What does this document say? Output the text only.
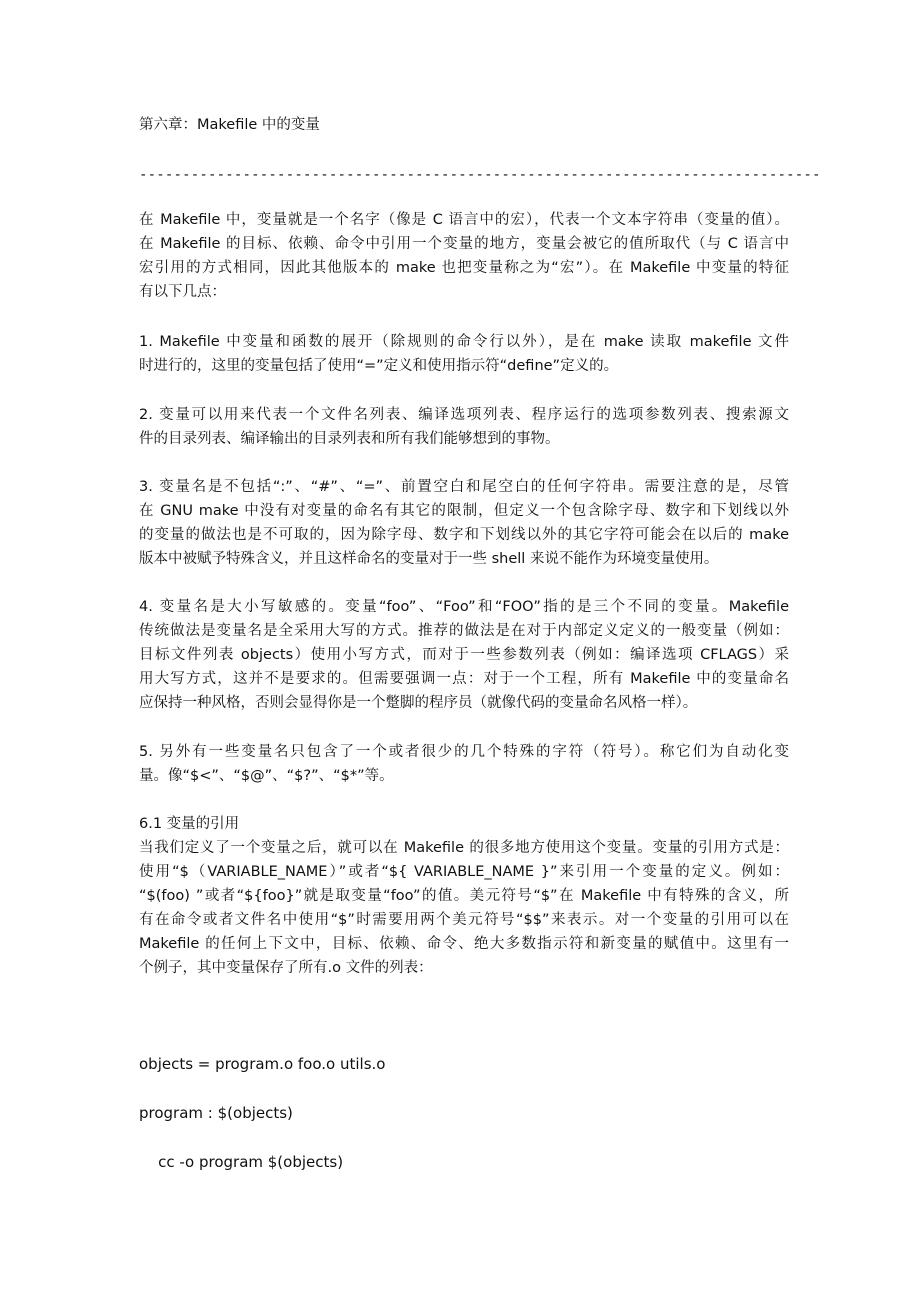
第六章：Makefile 中的变量
-------------------------------------------------------------------------------
在 Makefile 中，变量就是一个名字（像是 C 语言中的宏），代表一个文本字符串（变量的值）。
在 Makefile 的目标、依赖、命令中引用一个变量的地方，变量会被它的值所取代（与 C 语言中
宏引用的方式相同，因此其他版本的 make 也把变量称之为“宏”）。在 Makefile 中变量的特征
有以下几点：
1. Makefile 中变量和函数的展开（除规则的命令行以外），是在 make 读取 makefile 文件
时进行的，这里的变量包括了使用“=”定义和使用指示符“define”定义的。
2. 变量可以用来代表一个文件名列表、编译选项列表、程序运行的选项参数列表、搜索源文
件的目录列表、编译输出的目录列表和所有我们能够想到的事物。
3. 变量名是不包括“:”、“#”、“=”、前置空白和尾空白的任何字符串。需要注意的是，尽管
在 GNU make 中没有对变量的命名有其它的限制，但定义一个包含除字母、数字和下划线以外
的变量的做法也是不可取的，因为除字母、数字和下划线以外的其它字符可能会在以后的 make
版本中被赋予特殊含义，并且这样命名的变量对于一些 shell 来说不能作为环境变量使用。
4. 变量名是大小写敏感的。变量“foo”、“Foo”和“FOO”指的是三个不同的变量。Makefile
传统做法是变量名是全采用大写的方式。推荐的做法是在对于内部定义定义的一般变量（例如：
目标文件列表 objects）使用小写方式，而对于一些参数列表（例如：编译选项 CFLAGS）采
用大写方式，这并不是要求的。但需要强调一点：对于一个工程，所有 Makefile 中的变量命名
应保持一种风格，否则会显得你是一个蹩脚的程序员（就像代码的变量命名风格一样）。
5. 另外有一些变量名只包含了一个或者很少的几个特殊的字符（符号）。称它们为自动化变
量。像“$<”、“$@”、“$?”、“$*”等。
6.1 变量的引用
当我们定义了一个变量之后，就可以在 Makefile 的很多地方使用这个变量。变量的引用方式是：
使用“$（VARIABLE_NAME）”或者“${ VARIABLE_NAME }”来引用一个变量的定义。例如：
“$(foo) ”或者“${foo}”就是取变量“foo”的值。美元符号“$”在 Makefile 中有特殊的含义，所
有在命令或者文件名中使用“$”时需要用两个美元符号“$$”来表示。对一个变量的引用可以在
Makefile 的任何上下文中，目标、依赖、命令、绝大多数指示符和新变量的赋值中。这里有一
个例子，其中变量保存了所有.o 文件的列表：
objects = program.o foo.o utils.o
program : $(objects)
cc -o program $(objects)
